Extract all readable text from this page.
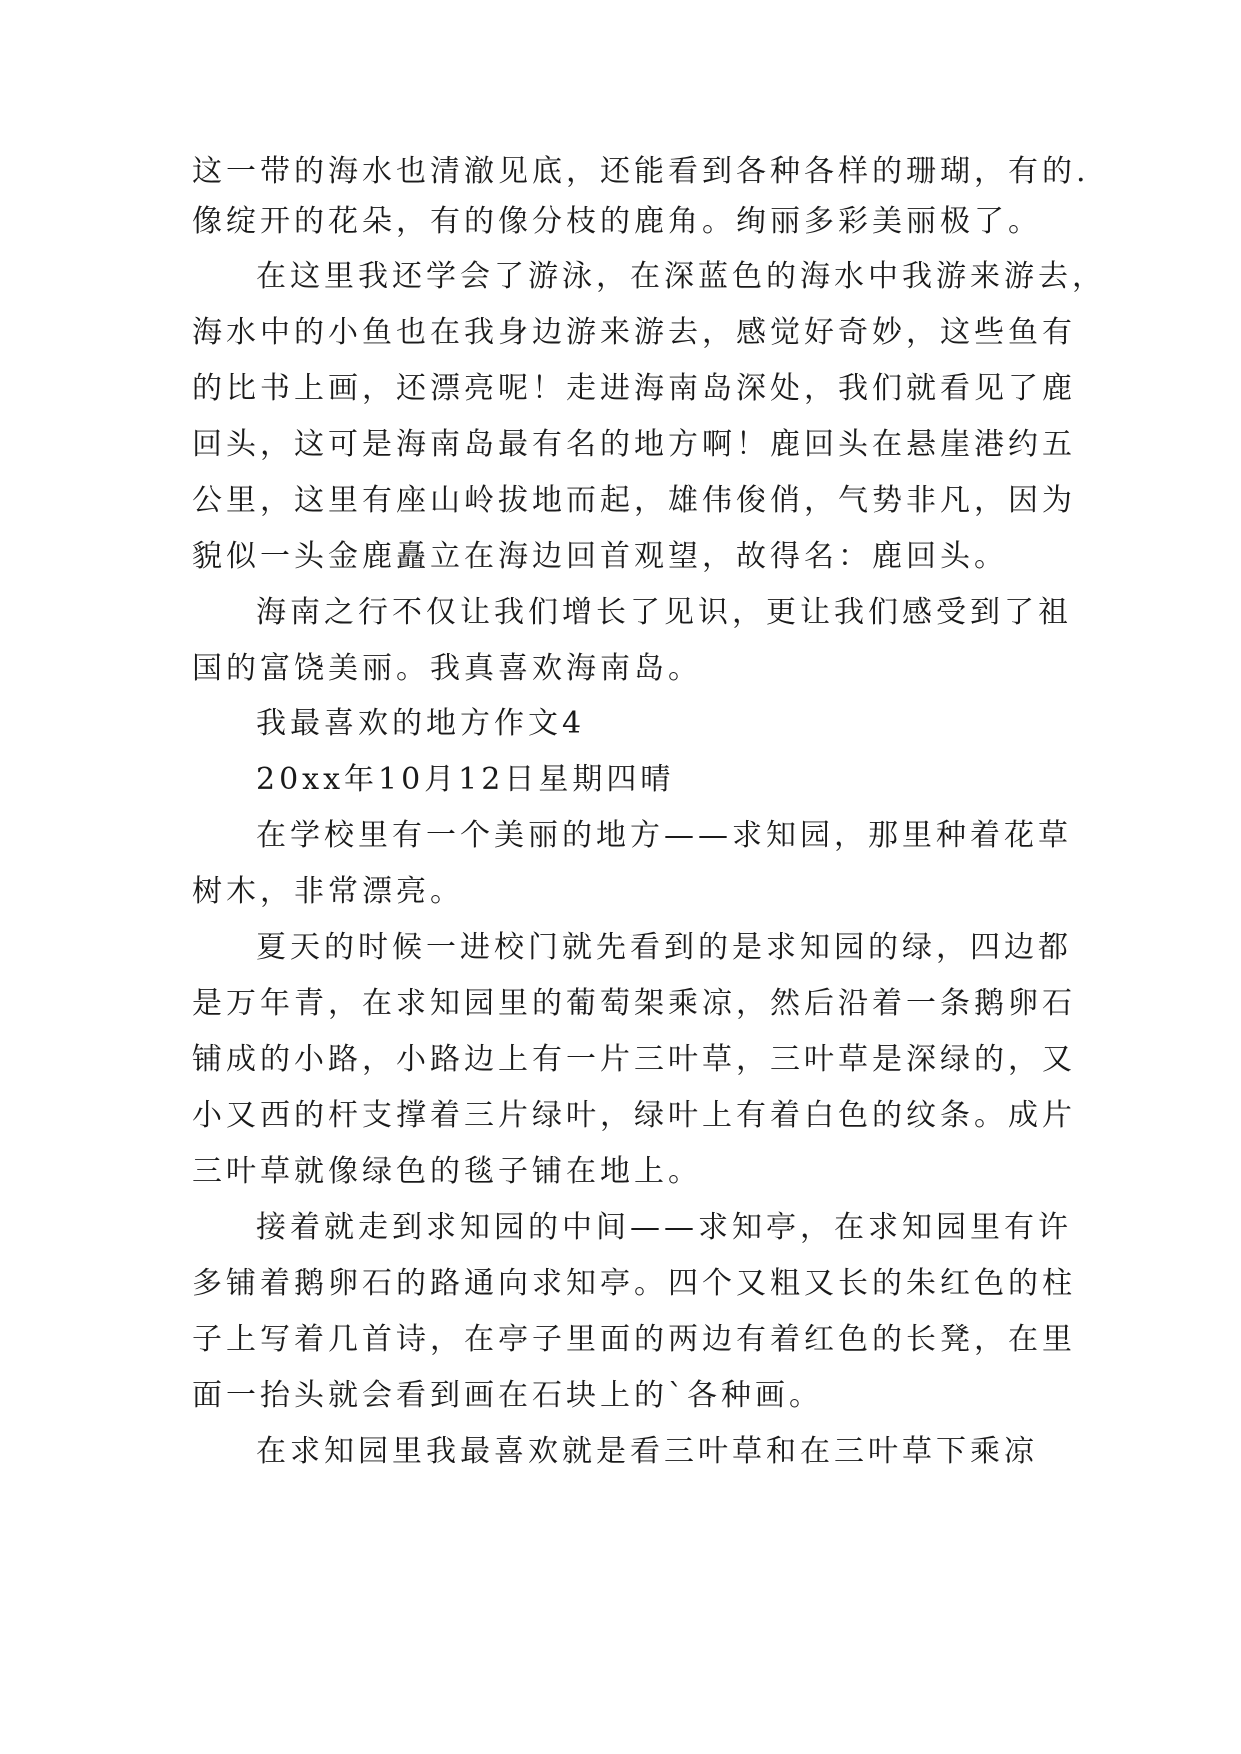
这一带的海水也清澈见底，还能看到各种各样的珊瑚，有的.
像绽开的花朵，有的像分枝的鹿角。绚丽多彩美丽极了。
在这里我还学会了游泳，在深蓝色的海水中我游来游去，
海水中的小鱼也在我身边游来游去，感觉好奇妙，这些鱼有
的比书上画，还漂亮呢！走进海南岛深处，我们就看见了鹿
回头，这可是海南岛最有名的地方啊！鹿回头在悬崖港约五
公里，这里有座山岭拔地而起，雄伟俊俏，气势非凡，因为
貌似一头金鹿矗立在海边回首观望，故得名：鹿回头。
海南之行不仅让我们增长了见识，更让我们感受到了祖
国的富饶美丽。我真喜欢海南岛。
我最喜欢的地方作文4
20xx年10月12日星期四晴
在学校里有一个美丽的地方——求知园，那里种着花草
树木，非常漂亮。
夏天的时候一进校门就先看到的是求知园的绿，四边都
是万年青，在求知园里的葡萄架乘凉，然后沿着一条鹅卵石
铺成的小路，小路边上有一片三叶草，三叶草是深绿的，又
小又西的杆支撑着三片绿叶，绿叶上有着白色的纹条。成片
三叶草就像绿色的毯子铺在地上。
接着就走到求知园的中间——求知亭，在求知园里有许
多铺着鹅卵石的路通向求知亭。四个又粗又长的朱红色的柱
子上写着几首诗，在亭子里面的两边有着红色的长凳，在里
面一抬头就会看到画在石块上的`各种画。
在求知园里我最喜欢就是看三叶草和在三叶草下乘凉
